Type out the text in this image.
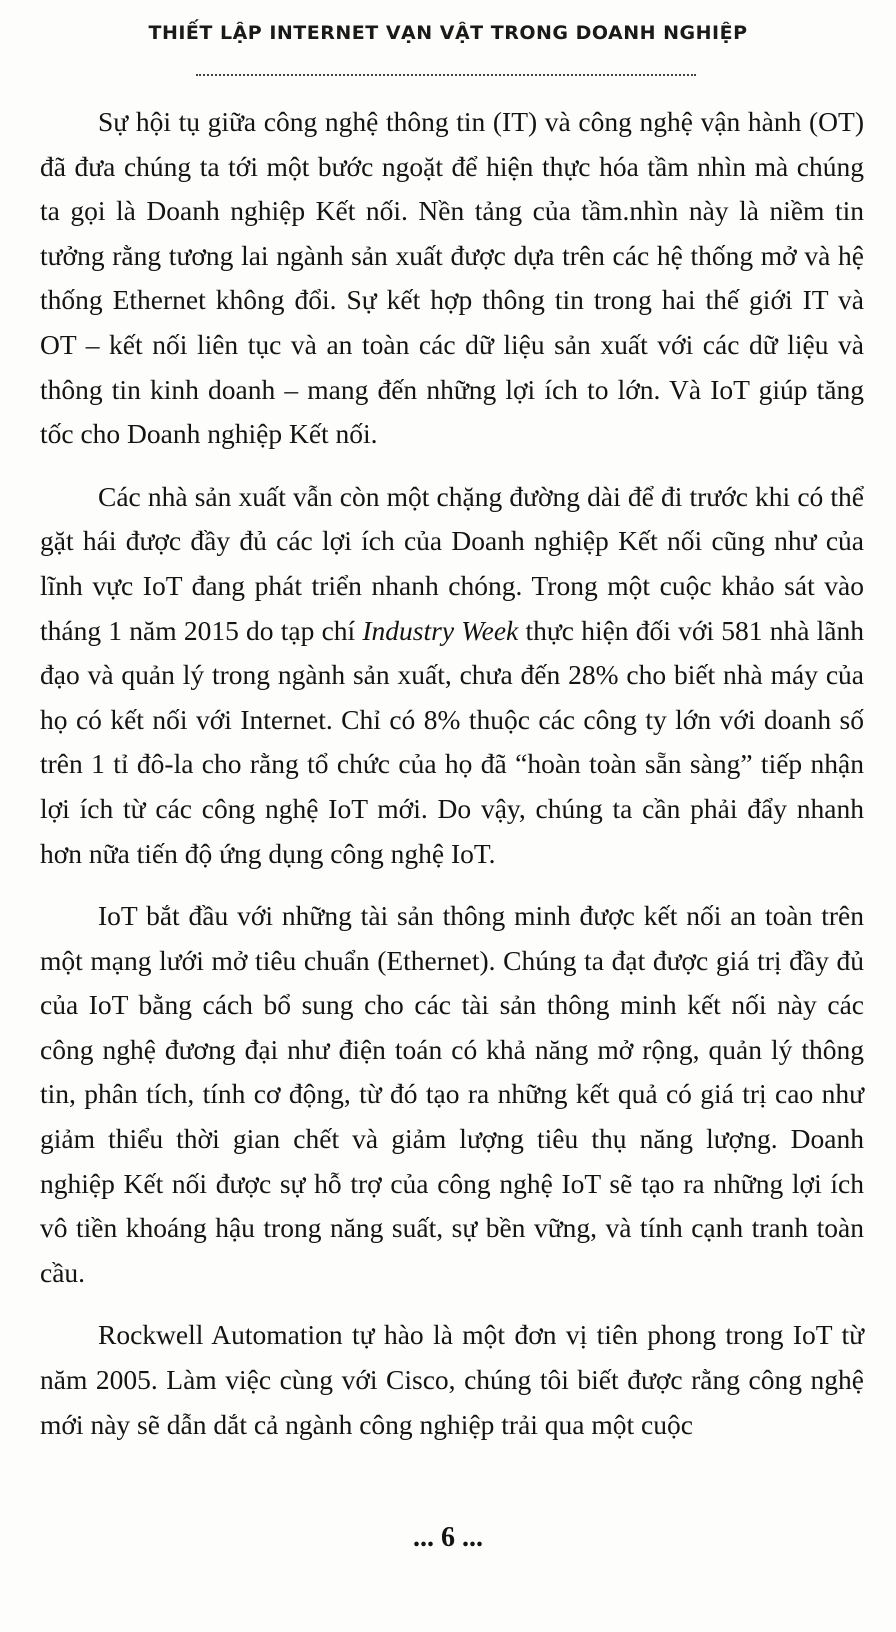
THIẾT LẬP INTERNET VẠN VẬT TRONG DOANH NGHIỆP

Sự hội tụ giữa công nghệ thông tin (IT) và công nghệ vận hành (OT) đã đưa chúng ta tới một bước ngoặt để hiện thực hóa tầm nhìn mà chúng ta gọi là Doanh nghiệp Kết nối. Nền tảng của tầm.nhìn này là niềm tin tưởng rằng tương lai ngành sản xuất được dựa trên các hệ thống mở và hệ thống Ethernet không đổi. Sự kết hợp thông tin trong hai thế giới IT và OT – kết nối liên tục và an toàn các dữ liệu sản xuất với các dữ liệu và thông tin kinh doanh – mang đến những lợi ích to lớn. Và IoT giúp tăng tốc cho Doanh nghiệp Kết nối.

Các nhà sản xuất vẫn còn một chặng đường dài để đi trước khi có thể gặt hái được đầy đủ các lợi ích của Doanh nghiệp Kết nối cũng như của lĩnh vực IoT đang phát triển nhanh chóng. Trong một cuộc khảo sát vào tháng 1 năm 2015 do tạp chí Industry Week thực hiện đối với 581 nhà lãnh đạo và quản lý trong ngành sản xuất, chưa đến 28% cho biết nhà máy của họ có kết nối với Internet. Chỉ có 8% thuộc các công ty lớn với doanh số trên 1 tỉ đô-la cho rằng tổ chức của họ đã “hoàn toàn sẵn sàng” tiếp nhận lợi ích từ các công nghệ IoT mới. Do vậy, chúng ta cần phải đẩy nhanh hơn nữa tiến độ ứng dụng công nghệ IoT.

IoT bắt đầu với những tài sản thông minh được kết nối an toàn trên một mạng lưới mở tiêu chuẩn (Ethernet). Chúng ta đạt được giá trị đầy đủ của IoT bằng cách bổ sung cho các tài sản thông minh kết nối này các công nghệ đương đại như điện toán có khả năng mở rộng, quản lý thông tin, phân tích, tính cơ động, từ đó tạo ra những kết quả có giá trị cao như giảm thiểu thời gian chết và giảm lượng tiêu thụ năng lượng. Doanh nghiệp Kết nối được sự hỗ trợ của công nghệ IoT sẽ tạo ra những lợi ích vô tiền khoáng hậu trong năng suất, sự bền vững, và tính cạnh tranh toàn cầu.

Rockwell Automation tự hào là một đơn vị tiên phong trong IoT từ năm 2005. Làm việc cùng với Cisco, chúng tôi biết được rằng công nghệ mới này sẽ dẫn dắt cả ngành công nghiệp trải qua một cuộc

... 6 ...
